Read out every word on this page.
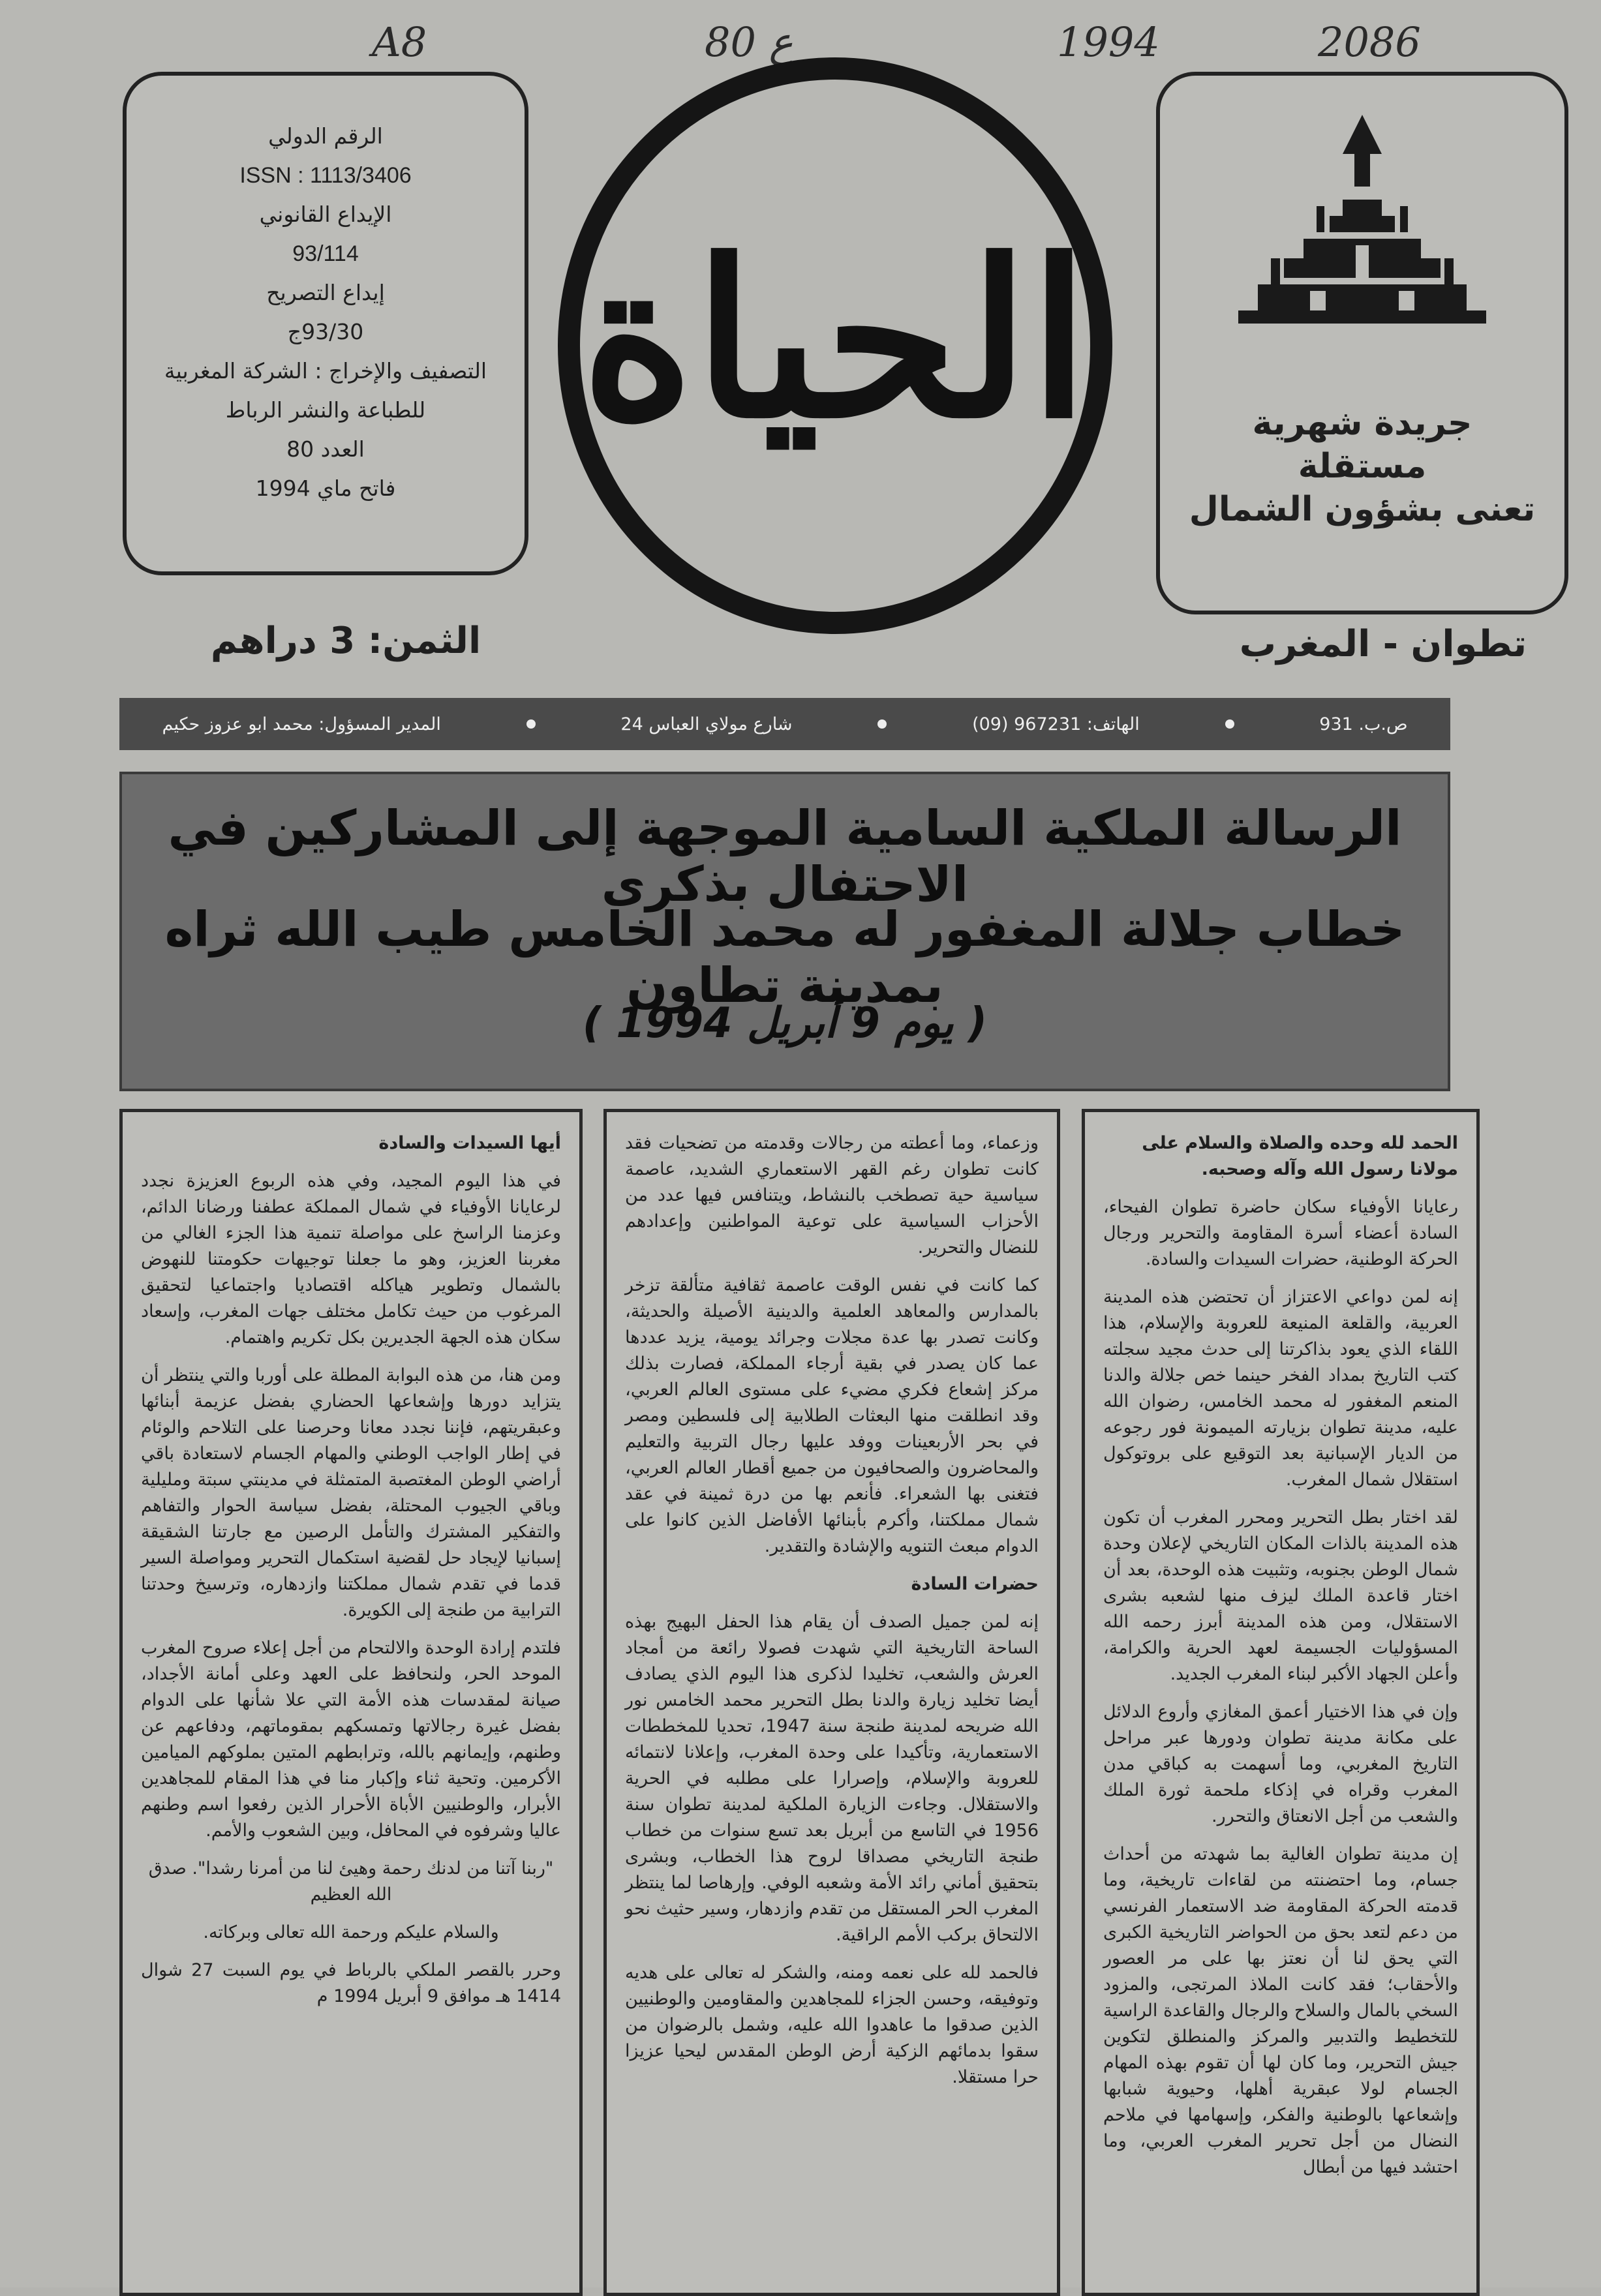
A8	ع 80	1994	2086
الرقم الدولي
ISSN : 1113/3406
الإيداع القانوني
93/114
إيداع التصريح
93/30ج
التصفيف والإخراج : الشركة المغربية
للطباعة والنشر الرباط
العدد 80
فاتح ماي 1994
جريدة شهرية
مستقلة
تعنى بشؤون الشمال
الحياة
الثمن: 3 دراهم	تطوان - المغرب
المدير المسؤول: محمد ابو عزوز حكيم	شارع مولاي العباس 24	الهاتف: 967231 (09)	ص.ب. 931
الرسالة الملكية السامية الموجهة إلى المشاركين في الاحتفال بذكرى
خطاب جلالة المغفور له محمد الخامس طيب الله ثراه بمدينة تطاون
( يوم 9 أبريل 1994 )

الحمد لله وحده والصلاة والسلام على مولانا رسول الله وآله وصحبه.

رعايانا الأوفياء سكان حاضرة تطوان الفيحاء، السادة أعضاء أسرة المقاومة والتحرير ورجال الحركة الوطنية، حضرات السيدات والسادة.

إنه لمن دواعي الاعتزاز أن تحتضن هذه المدينة العربية، والقلعة المنيعة للعروبة والإسلام، هذا اللقاء الذي يعود بذاكرتنا إلى حدث مجيد سجلته كتب التاريخ بمداد الفخر حينما خص جلالة والدنا المنعم المغفور له محمد الخامس، رضوان الله عليه، مدينة تطوان بزيارته الميمونة فور رجوعه من الديار الإسبانية بعد التوقيع على بروتوكول استقلال شمال المغرب.

لقد اختار بطل التحرير ومحرر المغرب أن تكون هذه المدينة بالذات المكان التاريخي لإعلان وحدة شمال الوطن بجنوبه، وتثبيت هذه الوحدة، بعد أن اختار قاعدة الملك ليزف منها لشعبه بشرى الاستقلال، ومن هذه المدينة أبرز رحمه الله المسؤوليات الجسيمة لعهد الحرية والكرامة، وأعلن الجهاد الأكبر لبناء المغرب الجديد.

وإن في هذا الاختيار أعمق المغازي وأروع الدلائل على مكانة مدينة تطوان ودورها عبر مراحل التاريخ المغربي، وما أسهمت به كباقي مدن المغرب وقراه في إذكاء ملحمة ثورة الملك والشعب من أجل الانعتاق والتحرر.

إن مدينة تطوان الغالية بما شهدته من أحداث جسام، وما احتضنته من لقاءات تاريخية، وما قدمته الحركة المقاومة ضد الاستعمار الفرنسي من دعم لتعد بحق من الحواضر التاريخية الكبرى التي يحق لنا أن نعتز بها على مر العصور والأحقاب؛ فقد كانت الملاذ المرتجى، والمزود السخي بالمال والسلاح والرجال والقاعدة الراسية للتخطيط والتدبير والمركز والمنطلق لتكوين جيش التحرير، وما كان لها أن تقوم بهذه المهام الجسام لولا عبقرية أهلها، وحيوية شبابها وإشعاعها بالوطنية والفكر، وإسهامها في ملاحم النضال من أجل تحرير المغرب العربي، وما احتشد فيها من أبطال

وزعماء، وما أعطته من رجالات وقدمته من تضحيات فقد كانت تطوان رغم القهر الاستعماري الشديد، عاصمة سياسية حية تصطخب بالنشاط، ويتنافس فيها عدد من الأحزاب السياسية على توعية المواطنين وإعدادهم للنضال والتحرير.

كما كانت في نفس الوقت عاصمة ثقافية متألقة تزخر بالمدارس والمعاهد العلمية والدينية الأصيلة والحديثة، وكانت تصدر بها عدة مجلات وجرائد يومية، يزيد عددها عما كان يصدر في بقية أرجاء المملكة، فصارت بذلك مركز إشعاع فكري مضيء على مستوى العالم العربي، وقد انطلقت منها البعثات الطلابية إلى فلسطين ومصر في بحر الأربعينات ووفد عليها رجال التربية والتعليم والمحاضرون والصحافيون من جميع أقطار العالم العربي، فتغنى بها الشعراء. فأنعم بها من درة ثمينة في عقد شمال مملكتنا، وأكرم بأبنائها الأفاضل الذين كانوا على الدوام مبعث التنويه والإشادة والتقدير.

حضرات السادة

إنه لمن جميل الصدف أن يقام هذا الحفل البهيج بهذه الساحة التاريخية التي شهدت فصولا رائعة من أمجاد العرش والشعب، تخليدا لذكرى هذا اليوم الذي يصادف أيضا تخليد زيارة والدنا بطل التحرير محمد الخامس نور الله ضريحه لمدينة طنجة سنة 1947، تحديا للمخططات الاستعمارية، وتأكيدا على وحدة المغرب، وإعلانا لانتمائه للعروبة والإسلام، وإصرارا على مطلبه في الحرية والاستقلال. وجاءت الزيارة الملكية لمدينة تطوان سنة 1956 في التاسع من أبريل بعد تسع سنوات من خطاب طنجة التاريخي مصداقا لروح هذا الخطاب، وبشرى بتحقيق أماني رائد الأمة وشعبه الوفي. وإرهاصا لما ينتظر المغرب الحر المستقل من تقدم وازدهار، وسير حثيث نحو الالتحاق بركب الأمم الراقية.

فالحمد لله على نعمه ومنه، والشكر له تعالى على هديه وتوفيقه، وحسن الجزاء للمجاهدين والمقاومين والوطنيين الذين صدقوا ما عاهدوا الله عليه، وشمل بالرضوان من سقوا بدمائهم الزكية أرض الوطن المقدس ليحيا عزيزا حرا مستقلا.

أيها السيدات والسادة

في هذا اليوم المجيد، وفي هذه الربوع العزيزة نجدد لرعايانا الأوفياء في شمال المملكة عطفنا ورضانا الدائم، وعزمنا الراسخ على مواصلة تنمية هذا الجزء الغالي من مغربنا العزيز، وهو ما جعلنا توجيهات حكومتنا للنهوض بالشمال وتطوير هياكله اقتصاديا واجتماعيا لتحقيق المرغوب من حيث تكامل مختلف جهات المغرب، وإسعاد سكان هذه الجهة الجديرين بكل تكريم واهتمام.

ومن هنا، من هذه البوابة المطلة على أوربا والتي ينتظر أن يتزايد دورها وإشعاعها الحضاري بفضل عزيمة أبنائها وعبقريتهم، فإننا نجدد معانا وحرصنا على التلاحم والوئام في إطار الواجب الوطني والمهام الجسام لاستعادة باقي أراضي الوطن المغتصبة المتمثلة في مدينتي سبتة ومليلية وباقي الجيوب المحتلة، بفضل سياسة الحوار والتفاهم والتفكير المشترك والتأمل الرصين مع جارتنا الشقيقة إسبانيا لإيجاد حل لقضية استكمال التحرير ومواصلة السير قدما في تقدم شمال مملكتنا وازدهاره، وترسيخ وحدتنا الترابية من طنجة إلى الكويرة.

فلتدم إرادة الوحدة والالتحام من أجل إعلاء صروح المغرب الموحد الحر، ولنحافظ على العهد وعلى أمانة الأجداد، صيانة لمقدسات هذه الأمة التي علا شأنها على الدوام بفضل غيرة رجالاتها وتمسكهم بمقوماتهم، ودفاعهم عن وطنهم، وإيمانهم بالله، وترابطهم المتين بملوكهم الميامين الأكرمين. وتحية ثناء وإكبار منا في هذا المقام للمجاهدين الأبرار، والوطنيين الأباة الأحرار الذين رفعوا اسم وطنهم عاليا وشرفوه في المحافل، وبين الشعوب والأمم.

"ربنا آتنا من لدنك رحمة وهيئ لنا من أمرنا رشدا". صدق الله العظيم

والسلام عليكم ورحمة الله تعالى وبركاته.

وحرر بالقصر الملكي بالرباط في يوم السبت 27 شوال 1414 هـ موافق 9 أبريل 1994 م
